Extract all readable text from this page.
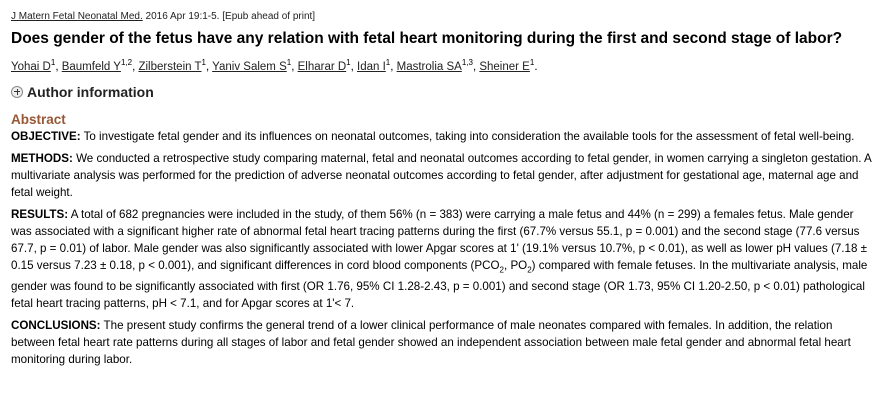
J Matern Fetal Neonatal Med. 2016 Apr 19:1-5. [Epub ahead of print]
Does gender of the fetus have any relation with fetal heart monitoring during the first and second stage of labor?
Yohai $D^1$, Baumfeld Y$^{1,2}$, Zilberstein $T^1$, Yaniv Salem $S^1$, Elharar $D^1$, Idan $I^1$, Mastrolia SA$^{1,3}$, Sheiner $E^1$.
Author information
Abstract

OBJECTIVE: To investigate fetal gender and its influences on neonatal outcomes, taking into consideration the available tools for the assessment of fetal well-being.

METHODS: We conducted a retrospective study comparing maternal, fetal and neonatal outcomes according to fetal gender, in women carrying a singleton gestation. A multivariate analysis was performed for the prediction of adverse neonatal outcomes according to fetal gender, after adjustment for gestational age, maternal age and fetal weight.

RESULTS: A total of 682 pregnancies were included in the study, of them 56% (n = 383) were carrying a male fetus and 44% (n = 299) a females fetus. Male gender was associated with a significant higher rate of abnormal fetal heart tracing patterns during the first (67.7% versus 55.1, p = 0.001) and the second stage (77.6 versus 67.7, p = 0.01) of labor. Male gender was also significantly associated with lower Apgar scores at 1' (19.1% versus 10.7%, p < 0.01), as well as lower pH values (7.18 ± 0.15 versus 7.23 ± 0.18, p < 0.001), and significant differences in cord blood components ($PCO_2$, $PO_2$) compared with female fetuses. In the multivariate analysis, male gender was found to be significantly associated with first (OR 1.76, 95% CI 1.28-2.43, p = 0.001) and second stage (OR 1.73, 95% CI 1.20-2.50, p < 0.01) pathological fetal heart tracing patterns, pH < 7.1, and for Apgar scores at 1'< 7.

CONCLUSIONS: The present study confirms the general trend of a lower clinical performance of male neonates compared with females. In addition, the relation between fetal heart rate patterns during all stages of labor and fetal gender showed an independent association between male fetal gender and abnormal fetal heart monitoring during labor.
